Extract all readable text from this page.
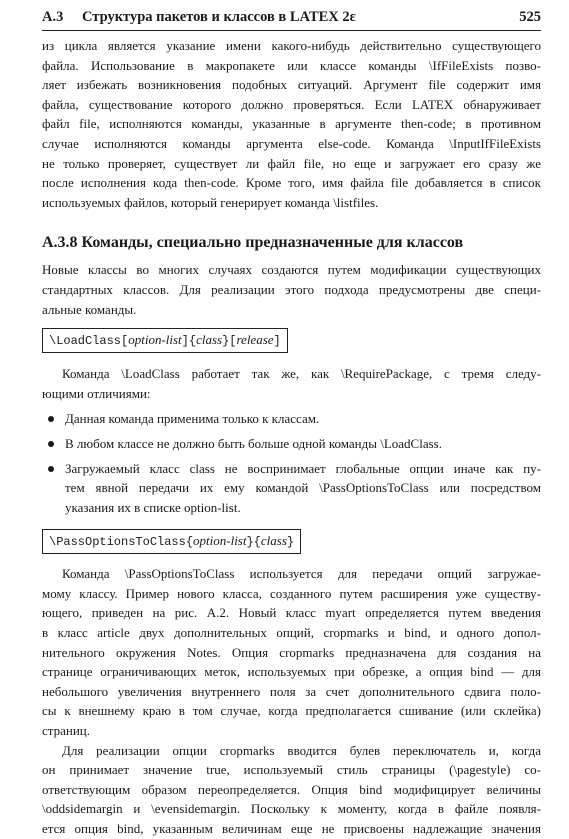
A.3 Структура пакетов и классов в LATEX 2ε	525

из цикла является указание имени какого-нибудь действительно существующего

файла. Использование в макропакете или классе команды \IfFileExists позво-

ляет избежать возникновения подобных ситуаций. Аргумент file содержит имя

файла, существование которого должно проверяться. Если LATEX обнаруживает

файл file, исполняются команды, указанные в аргументе then-code; в противном

случае исполняются команды аргумента else-code. Команда \InputIfFileExists

не только проверяет, существует ли файл file, но еще и загружает его сразу же

после исполнения кода then-code. Кроме того, имя файла file добавляется в список

используемых файлов, который генерирует команда \listfiles.

A.3.8 Команды, специально предназначенные для классов

Новые классы во многих случаях создаются путем модификации существующих

стандартных классов. Для реализации этого подхода предусмотрены две специ-

альные команды.

\LoadClass[option-list]{class}[release]

Команда \LoadClass работает так же, как \RequirePackage, с тремя следу-

ющими отличиями:

Данная команда применима только к классам.

В любом классе не должно быть больше одной команды \LoadClass.

Загружаемый класс class не воспринимает глобальные опции иначе как пу-

тем явной передачи их ему командой \PassOptionsToClass или посредством

указания их в списке option-list.

\PassOptionsToClass{option-list}{class}

Команда \PassOptionsToClass используется для передачи опций загружае-

мому классу. Пример нового класса, созданного путем расширения уже существу-

ющего, приведен на рис. A.2. Новый класс myart определяется путем введения

в класс article двух дополнительных опций, cropmarks и bind, и одного допол-

нительного окружения Notes. Опция cropmarks предназначена для создания на

странице ограничивающих меток, используемых при обрезке, а опция bind — для

небольшого увеличения внутреннего поля за счет дополнительного сдвига поло-

сы к внешнему краю в том случае, когда предполагается сшивание (или склейка)

страниц.

Для реализации опции cropmarks вводится булев переключатель и, когда

он принимает значение true, используемый стиль страницы (\pagestyle) со-

ответствующим образом переопределяется. Опция bind модифицирует величины

\oddsidemargin и \evensidemargin. Поскольку к моменту, когда в файле появля-

ется опция bind, указанным величинам еще не присвоены надлежащие значения
